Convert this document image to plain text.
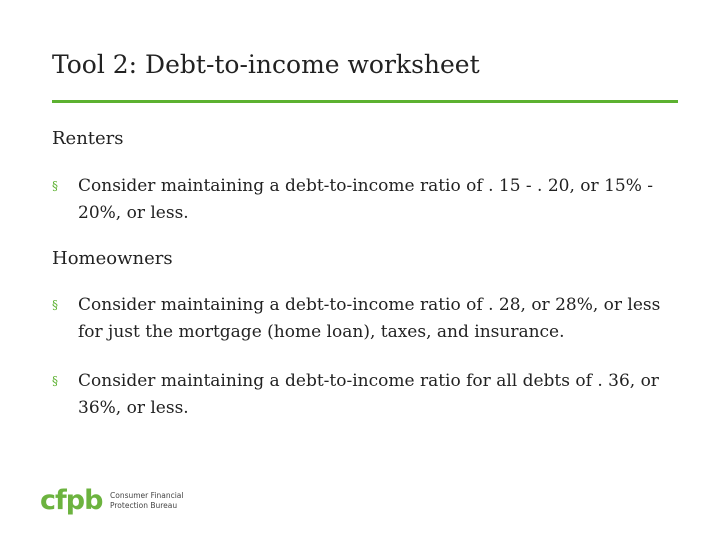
Tool 2: Debt-to-income worksheet
Renters
§	Consider maintaining a debt-to-income ratio of . 15 - . 20, or 15% - 20%, or less.
Homeowners
§	Consider maintaining a debt-to-income ratio of . 28, or 28%, or less for just the mortgage (home loan), taxes, and insurance.
§	Consider maintaining a debt-to-income ratio for all debts of . 36, or 36%, or less.
cfpb Consumer Financial
Protection Bureau
